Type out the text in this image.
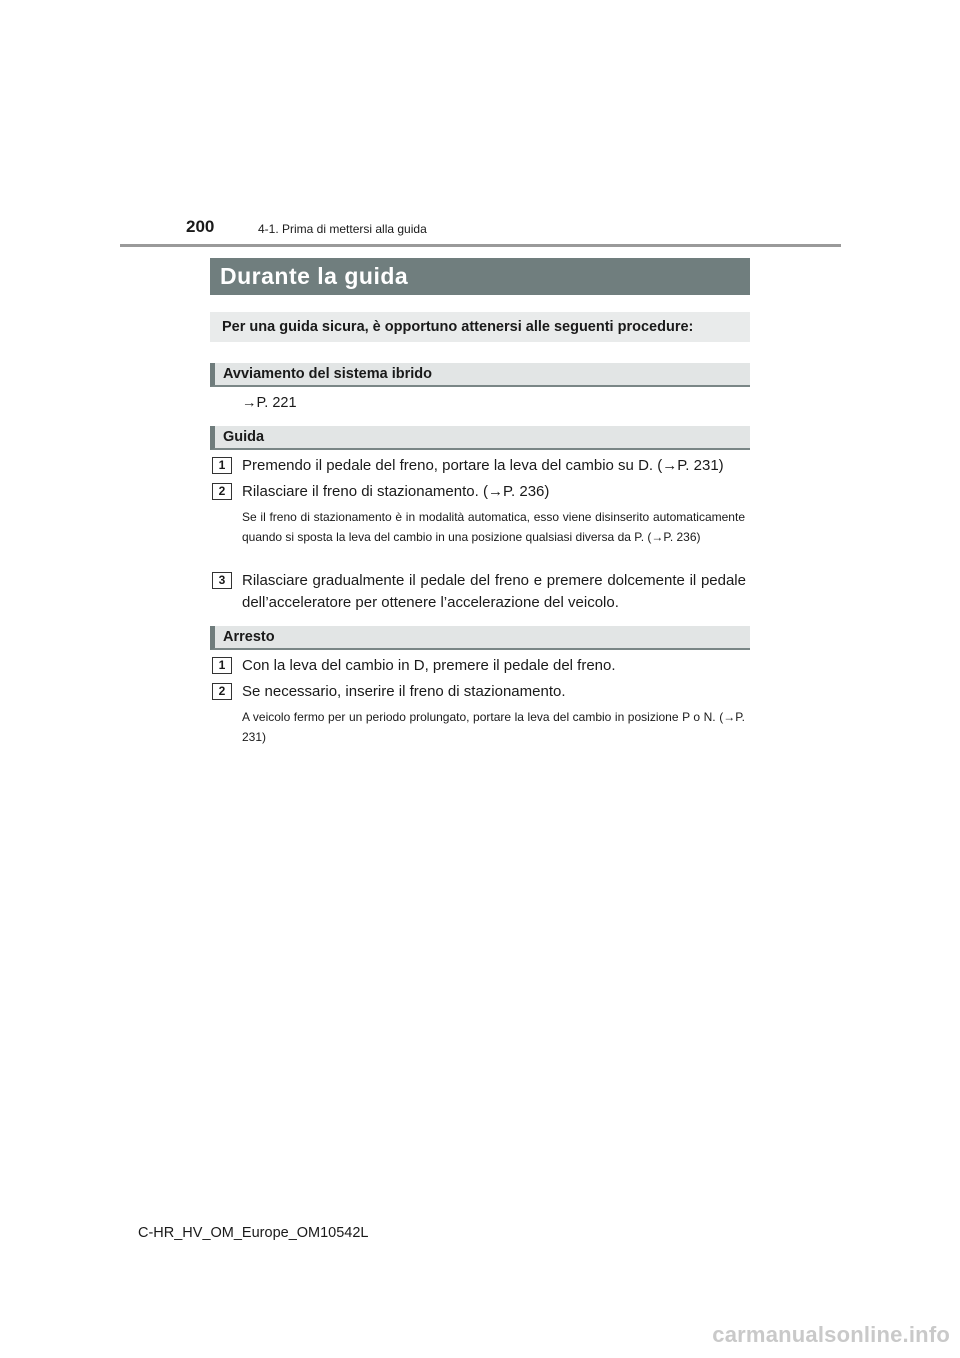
200	4-1. Prima di mettersi alla guida
Durante la guida
Per una guida sicura, è opportuno attenersi alle seguenti procedure:
Avviamento del sistema ibrido
→P. 221
Guida
1	Premendo il pedale del freno, portare la leva del cambio su D. (→P. 231)
2	Rilasciare il freno di stazionamento. (→P. 236)
Se il freno di stazionamento è in modalità automatica, esso viene disinserito automaticamente quando si sposta la leva del cambio in una posizione qualsiasi diversa da P. (→P. 236)
3	Rilasciare gradualmente il pedale del freno e premere dolcemente il pedale dell’acceleratore per ottenere l’accelerazione del veicolo.
Arresto
1	Con la leva del cambio in D, premere il pedale del freno.
2	Se necessario, inserire il freno di stazionamento.
A veicolo fermo per un periodo prolungato, portare la leva del cambio in posizione P o N. (→P. 231)
C-HR_HV_OM_Europe_OM10542L
carmanualsonline.info
